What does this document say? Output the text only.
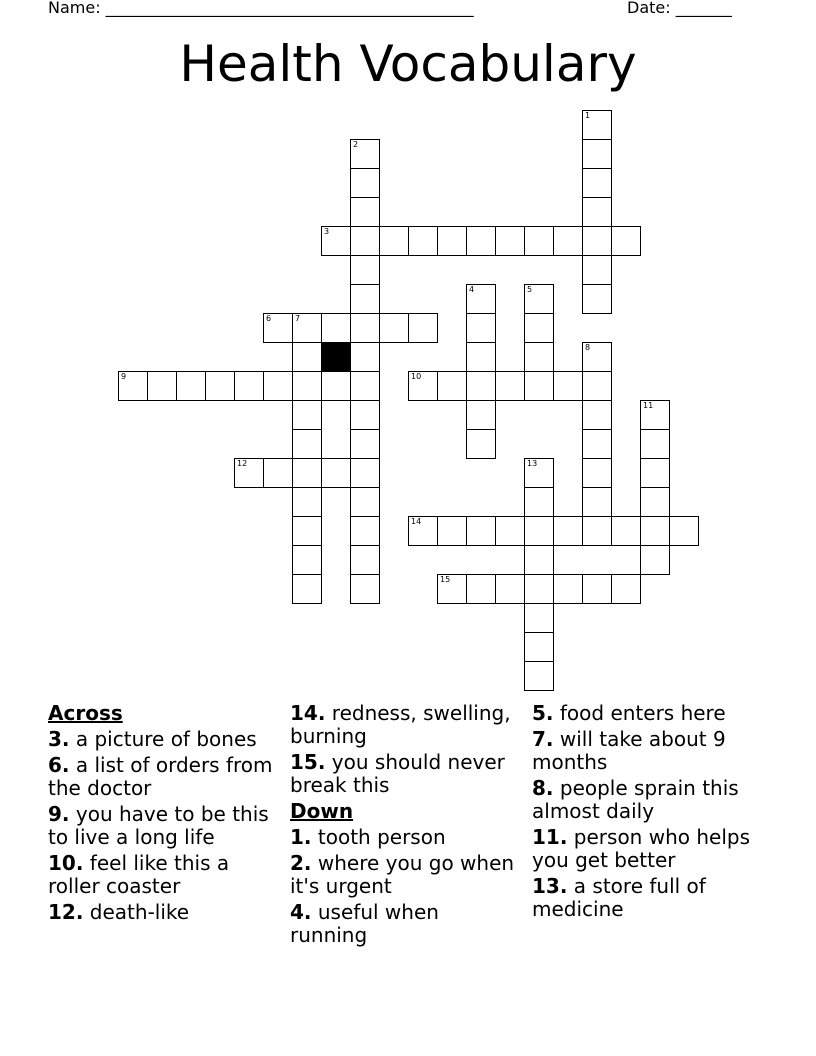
Name: ______________________________________________	Date: _______
Health Vocabulary
1
2
3
4	5
6	7
8
9	10
11
12	13
14
15
Across
3. a picture of bones
6. a list of orders from the doctor
9. you have to be this to live a long life
10. feel like this a roller coaster
12. death-like
14. redness, swelling, burning
15. you should never break this
Down
1. tooth person
2. where you go when it's urgent
4. useful when running
5. food enters here
7. will take about 9 months
8. people sprain this almost daily
11. person who helps you get better
13. a store full of medicine
